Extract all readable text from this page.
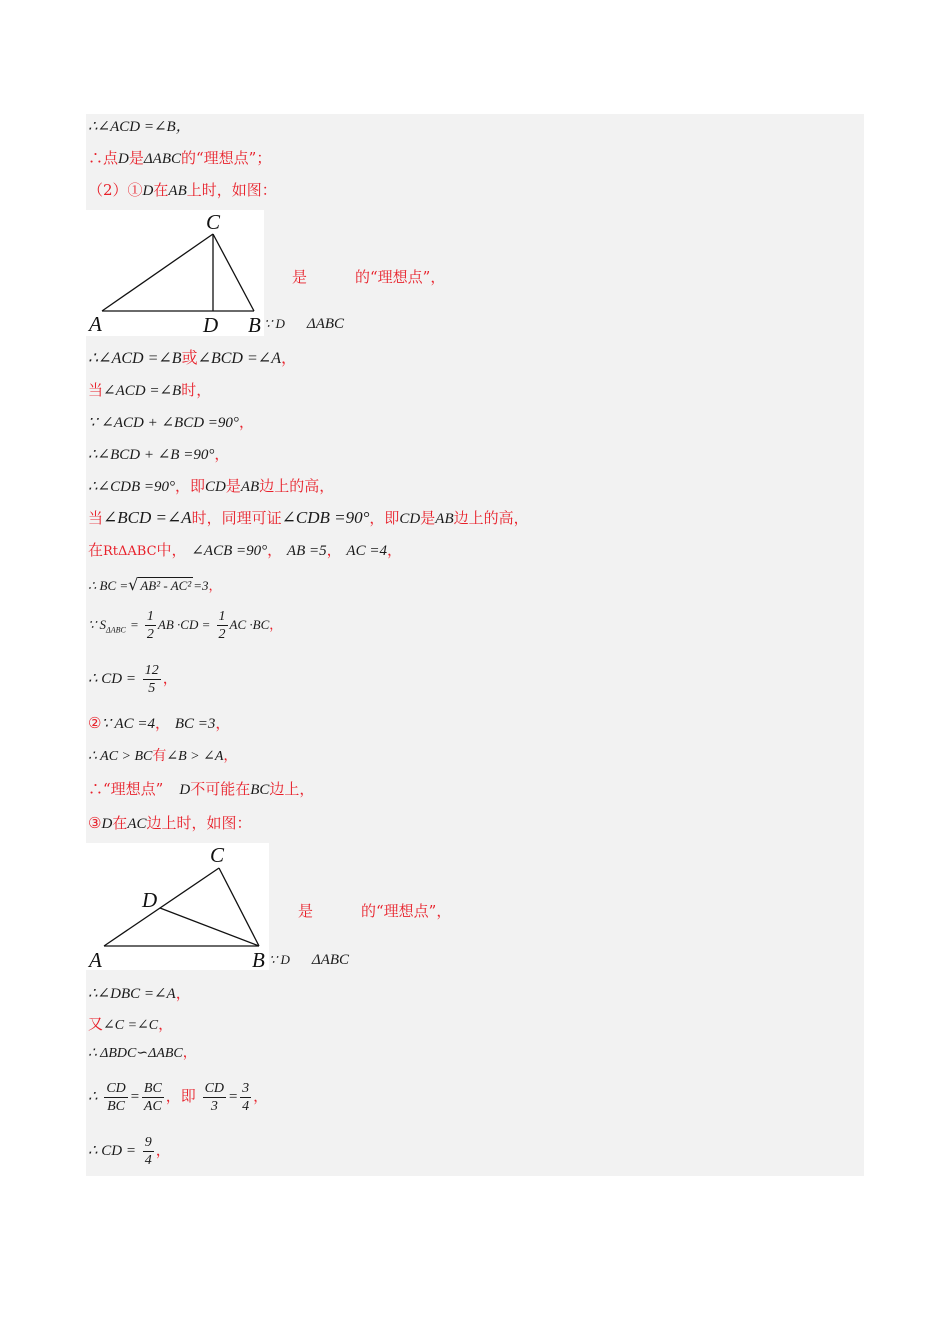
∴∠ACD =∠B，
∴点D是ΔABC的“理想点”；
（2）①D在AB上时，如图：
C
A	D B
是	的“理想点”，
∵ D ΔABC
∴∠ACD =∠B或∠BCD =∠A，
当∠ACD =∠B时，
∵ ∠ACD + ∠BCD =90°，
∴∠BCD + ∠B =90°，
∴∠CDB =90°，即CD是AB边上的高，
当∠BCD =∠A时，同理可证∠CDB =90°，即CD是AB边上的高，
在RtΔABC中， ∠ACB =90°， AB =5， AC =4，
∴ BC =√ AB² - AC² =3，
∵ $S_{\Delta ABC} = \frac{1}{2}$ AB $\cdot CD = \frac{1}{2}$ AC ·BC，
∴ CD = $\frac{12}{5}$ ，
②∵ AC =4， BC =3，
∴ AC > BC有∠B > ∠A，
∴“理想点” D不可能在BC边上，
③D在AC边上时，如图：
C
D
A	B
是	的“理想点”，
∵ D ΔABC
∴∠DBC =∠A，
又∠C =∠C，
∴ ΔBDC∽ΔABC，
∴ $\frac{CD}{BC} = \frac{BC}{AC}$ ，即 $\frac{CD}{3} = \frac{3}{4}$ ，
∴ CD = $\frac{9}{4}$ ，
